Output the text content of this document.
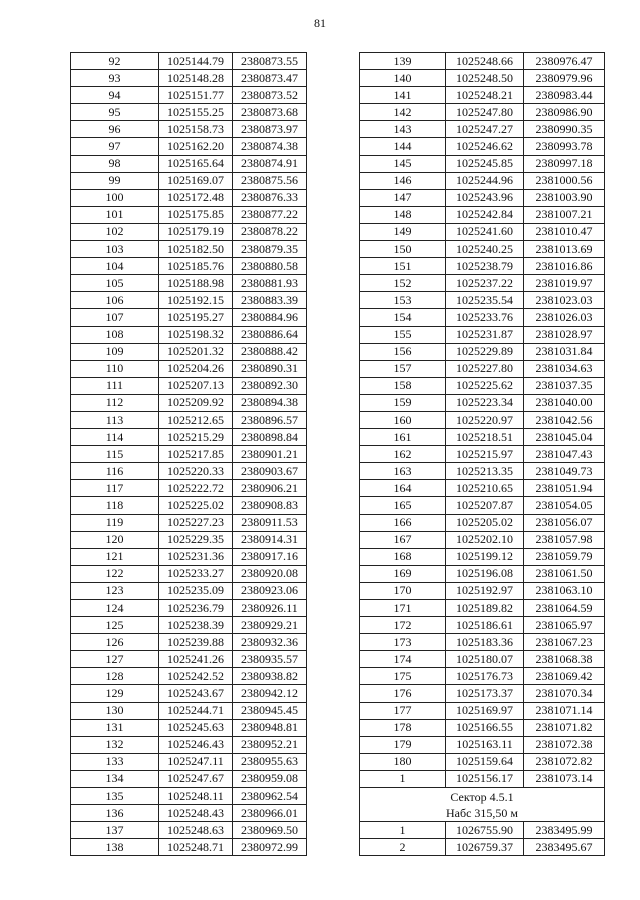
81
92	1025144.79	2380873.55
93	1025148.28	2380873.47
94	1025151.77	2380873.52
95	1025155.25	2380873.68
96	1025158.73	2380873.97
97	1025162.20	2380874.38
98	1025165.64	2380874.91
99	1025169.07	2380875.56
100	1025172.48	2380876.33
101	1025175.85	2380877.22
102	1025179.19	2380878.22
103	1025182.50	2380879.35
104	1025185.76	2380880.58
105	1025188.98	2380881.93
106	1025192.15	2380883.39
107	1025195.27	2380884.96
108	1025198.32	2380886.64
109	1025201.32	2380888.42
110	1025204.26	2380890.31
111	1025207.13	2380892.30
112	1025209.92	2380894.38
113	1025212.65	2380896.57
114	1025215.29	2380898.84
115	1025217.85	2380901.21
116	1025220.33	2380903.67
117	1025222.72	2380906.21
118	1025225.02	2380908.83
119	1025227.23	2380911.53
120	1025229.35	2380914.31
121	1025231.36	2380917.16
122	1025233.27	2380920.08
123	1025235.09	2380923.06
124	1025236.79	2380926.11
125	1025238.39	2380929.21
126	1025239.88	2380932.36
127	1025241.26	2380935.57
128	1025242.52	2380938.82
129	1025243.67	2380942.12
130	1025244.71	2380945.45
131	1025245.63	2380948.81
132	1025246.43	2380952.21
133	1025247.11	2380955.63
134	1025247.67	2380959.08
135	1025248.11	2380962.54
136	1025248.43	2380966.01
137	1025248.63	2380969.50
138	1025248.71	2380972.99
139	1025248.66	2380976.47
140	1025248.50	2380979.96
141	1025248.21	2380983.44
142	1025247.80	2380986.90
143	1025247.27	2380990.35
144	1025246.62	2380993.78
145	1025245.85	2380997.18
146	1025244.96	2381000.56
147	1025243.96	2381003.90
148	1025242.84	2381007.21
149	1025241.60	2381010.47
150	1025240.25	2381013.69
151	1025238.79	2381016.86
152	1025237.22	2381019.97
153	1025235.54	2381023.03
154	1025233.76	2381026.03
155	1025231.87	2381028.97
156	1025229.89	2381031.84
157	1025227.80	2381034.63
158	1025225.62	2381037.35
159	1025223.34	2381040.00
160	1025220.97	2381042.56
161	1025218.51	2381045.04
162	1025215.97	2381047.43
163	1025213.35	2381049.73
164	1025210.65	2381051.94
165	1025207.87	2381054.05
166	1025205.02	2381056.07
167	1025202.10	2381057.98
168	1025199.12	2381059.79
169	1025196.08	2381061.50
170	1025192.97	2381063.10
171	1025189.82	2381064.59
172	1025186.61	2381065.97
173	1025183.36	2381067.23
174	1025180.07	2381068.38
175	1025176.73	2381069.42
176	1025173.37	2381070.34
177	1025169.97	2381071.14
178	1025166.55	2381071.82
179	1025163.11	2381072.38
180	1025159.64	2381072.82
1	1025156.17	2381073.14

Сектор 4.5.1
Набс 315,50 м		

1	1026755.90	2383495.99
2	1026759.37	2383495.67
